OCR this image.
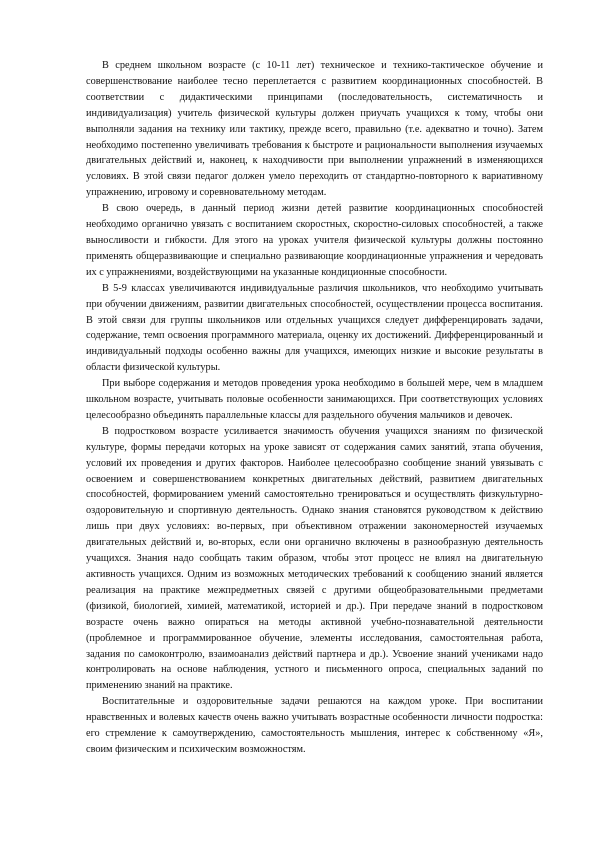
В среднем школьном возрасте (с 10-11 лет) техническое и технико-тактическое обучение и совершенствование наиболее тесно переплетается с развитием координационных способностей. В соответствии с дидактическими принципами (последовательность, систематичность и индивидуализация) учитель физической культуры должен приучать учащихся к тому, чтобы они выполняли задания на технику или тактику, прежде всего, правильно (т.е. адекватно и точно). Затем необходимо постепенно увеличивать требования к быстроте и рациональности выполнения изучаемых двигательных действий и, наконец, к находчивости при выполнении упражнений в изменяющихся условиях. В этой связи педагог должен умело переходить от стандартно-повторного к вариативному упражнению, игровому и соревновательному методам.

В свою очередь, в данный период жизни детей развитие координационных способностей необходимо органично увязать с воспитанием скоростных, скоростно-силовых способностей, а также выносливости и гибкости. Для этого на уроках учителя физической культуры должны постоянно применять общеразвивающие и специально развивающие координационные упражнения и чередовать их с упражнениями, воздействующими на указанные кондиционные способности.

В 5-9 классах увеличиваются индивидуальные различия школьников, что необходимо учитывать при обучении движениям, развитии двигательных способностей, осуществлении процесса воспитания. В этой связи для группы школьников или отдельных учащихся следует дифференцировать задачи, содержание, темп освоения программного материала, оценку их достижений. Дифференцированный и индивидуальный подходы особенно важны для учащихся, имеющих низкие и высокие результаты в области физической культуры.

При выборе содержания и методов проведения урока необходимо в большей мере, чем в младшем школьном возрасте, учитывать половые особенности занимающихся. При соответствующих условиях целесообразно объединять параллельные классы для раздельного обучения мальчиков и девочек.

В подростковом возрасте усиливается значимость обучения учащихся знаниям по физической культуре, формы передачи которых на уроке зависят от содержания самих занятий, этапа обучения, условий их проведения и других факторов. Наиболее целесообразно сообщение знаний увязывать с освоением и совершенствованием конкретных двигательных действий, развитием двигательных способностей, формированием умений самостоятельно тренироваться и осуществлять физкультурно-оздоровительную и спортивную деятельность. Однако знания становятся руководством к действию лишь при двух условиях: во-первых, при объективном отражении закономерностей изучаемых двигательных действий и, во-вторых, если они органично включены в разнообразную деятельность учащихся. Знания надо сообщать таким образом, чтобы этот процесс не влиял на двигательную активность учащихся. Одним из возможных методических требований к сообщению знаний является реализация на практике межпредметных связей с другими общеобразовательными предметами (физикой, биологией, химией, математикой, историей и др.). При передаче знаний в подростковом возрасте очень важно опираться на методы активной учебно-познавательной деятельности (проблемное и программированное обучение, элементы исследования, самостоятельная работа, задания по самоконтролю, взаимоанализ действий партнера и др.). Усвоение знаний учениками надо контролировать на основе наблюдения, устного и письменного опроса, специальных заданий по применению знаний на практике.

Воспитательные и оздоровительные задачи решаются на каждом уроке. При воспитании нравственных и волевых качеств очень важно учитывать возрастные особенности личности подростка: его стремление к самоутверждению, самостоятельность мышления, интерес к собственному «Я», своим физическим и психическим возможностям.
